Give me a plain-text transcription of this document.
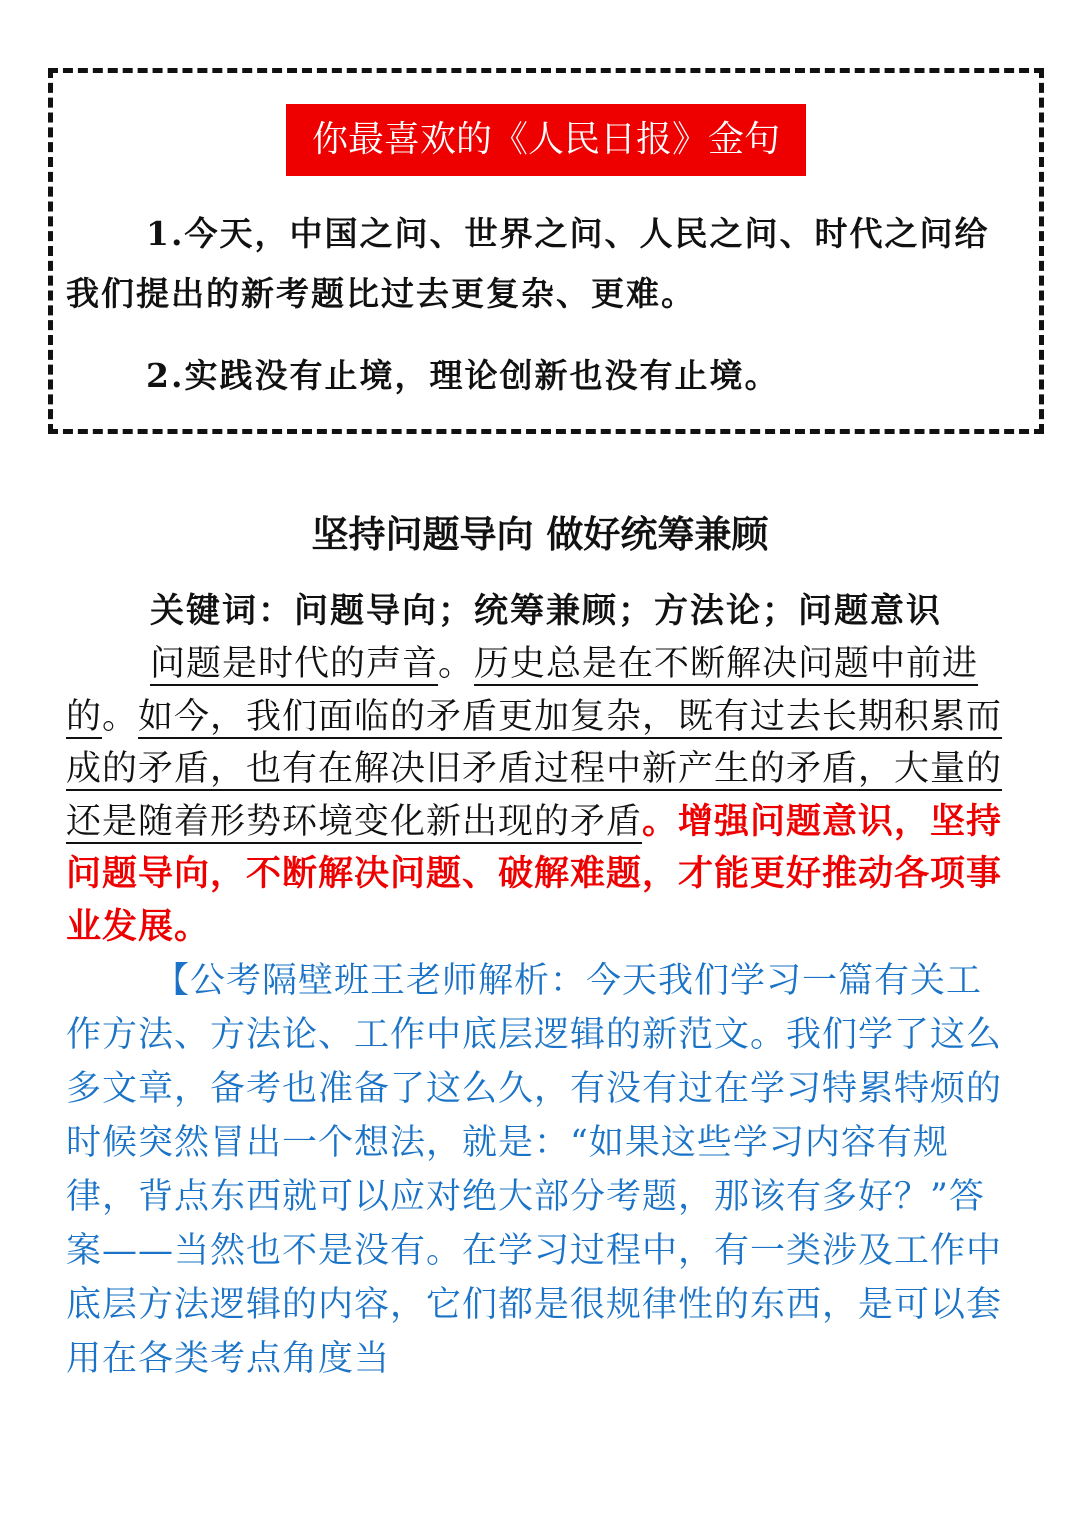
你最喜欢的《人民日报》金句
1.今天，中国之问、世界之问、人民之问、时代之问给我们提出的新考题比过去更复杂、更难。
2.实践没有止境，理论创新也没有止境。
坚持问题导向 做好统筹兼顾
关键词：问题导向；统筹兼顾；方法论；问题意识
问题是时代的声音。历史总是在不断解决问题中前进的。如今，我们面临的矛盾更加复杂，既有过去长期积累而成的矛盾，也有在解决旧矛盾过程中新产生的矛盾，大量的还是随着形势环境变化新出现的矛盾。增强问题意识，坚持问题导向，不断解决问题、破解难题，才能更好推动各项事业发展。
【公考隔壁班王老师解析：今天我们学习一篇有关工作方法、方法论、工作中底层逻辑的新范文。我们学了这么多文章，备考也准备了这么久，有没有过在学习特累特烦的时候突然冒出一个想法，就是：“如果这些学习内容有规律，背点东西就可以应对绝大部分考题，那该有多好？”答案——当然也不是没有。在学习过程中，有一类涉及工作中底层方法逻辑的内容，它们都是很规律性的东西，是可以套用在各类考点角度当
